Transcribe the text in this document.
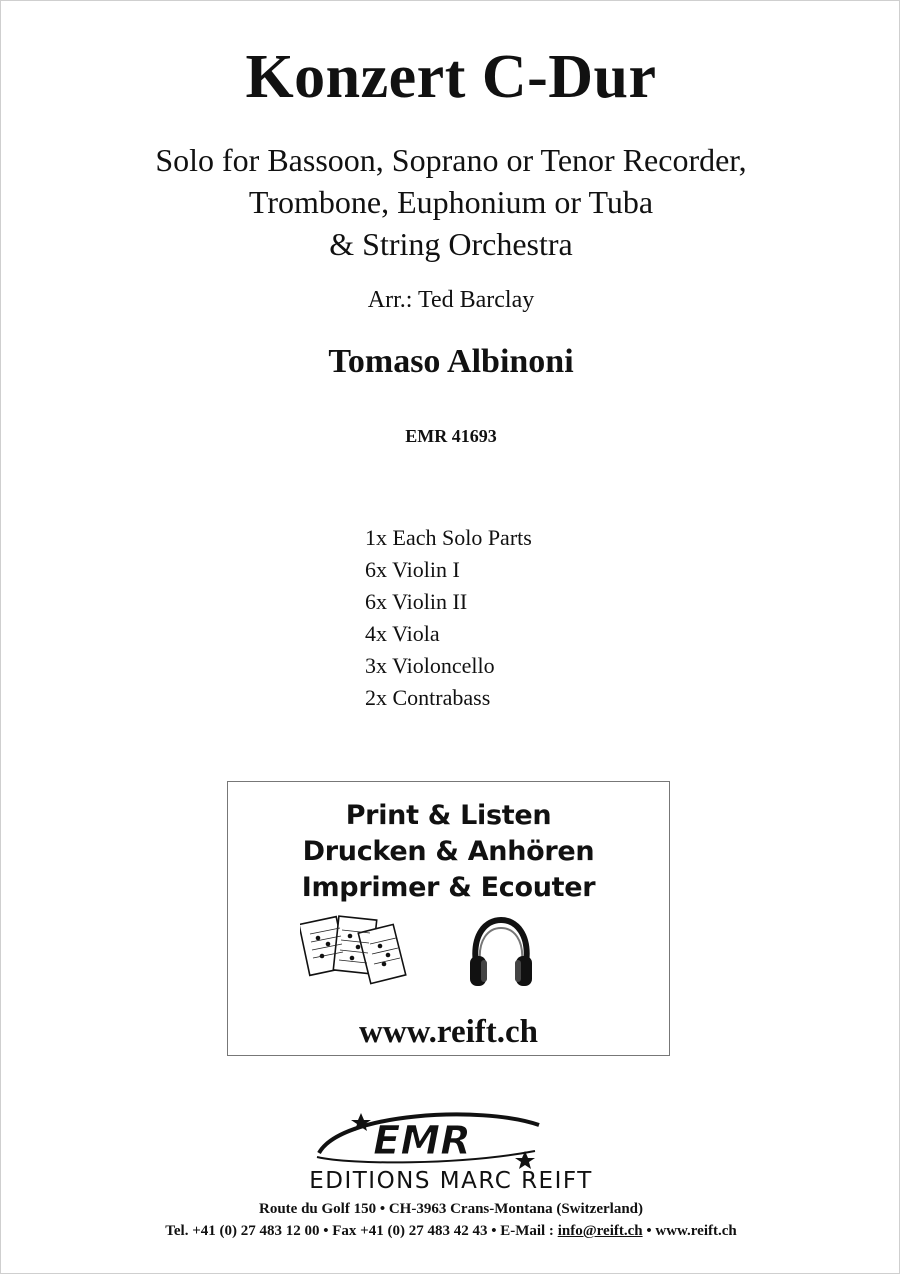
Konzert C-Dur
Solo for Bassoon, Soprano or Tenor Recorder,
Trombone, Euphonium or Tuba
& String Orchestra
Arr.: Ted Barclay
Tomaso Albinoni
EMR 41693
1x Each Solo Parts
6x Violin I
6x Violin II
4x Viola
3x Violoncello
2x Contrabass
Print & Listen
Drucken & Anhören
Imprimer & Ecouter
www.reift.ch
EMR
EDITIONS MARC REIFT
Route du Golf 150 • CH-3963 Crans-Montana (Switzerland)
Tel. +41 (0) 27 483 12 00 • Fax +41 (0) 27 483 42 43 • E-Mail : info@reift.ch • www.reift.ch
